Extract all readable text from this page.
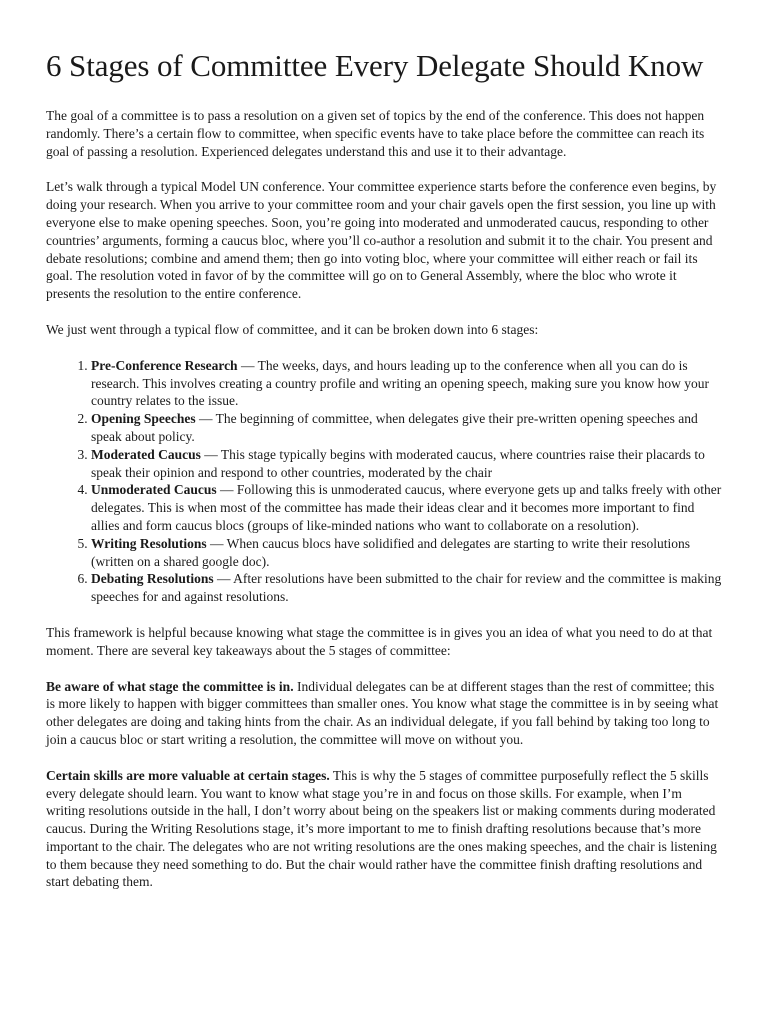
6 Stages of Committee Every Delegate Should Know

The goal of a committee is to pass a resolution on a given set of topics by the end of the conference. This does not happen randomly. There’s a certain flow to committee, when specific events have to take place before the committee can reach its goal of passing a resolution. Experienced delegates understand this and use it to their advantage.

Let’s walk through a typical Model UN conference. Your committee experience starts before the conference even begins, by doing your research. When you arrive to your committee room and your chair gavels open the first session, you line up with everyone else to make opening speeches. Soon, you’re going into moderated and unmoderated caucus, responding to other countries’ arguments, forming a caucus bloc, where you’ll co-author a resolution and submit it to the chair. You present and debate resolutions; combine and amend them; then go into voting bloc, where your committee will either reach or fail its goal. The resolution voted in favor of by the committee will go on to General Assembly, where the bloc who wrote it presents the resolution to the entire conference.

We just went through a typical flow of committee, and it can be broken down into 6 stages:

1. Pre-Conference Research — The weeks, days, and hours leading up to the conference when all you can do is research. This involves creating a country profile and writing an opening speech, making sure you know how your country relates to the issue.
2. Opening Speeches — The beginning of committee, when delegates give their pre-written opening speeches and speak about policy.
3. Moderated Caucus — This stage typically begins with moderated caucus, where countries raise their placards to speak their opinion and respond to other countries, moderated by the chair
4. Unmoderated Caucus — Following this is unmoderated caucus, where everyone gets up and talks freely with other delegates. This is when most of the committee has made their ideas clear and it becomes more important to find allies and form caucus blocs (groups of like-minded nations who want to collaborate on a resolution).
5. Writing Resolutions — When caucus blocs have solidified and delegates are starting to write their resolutions (written on a shared google doc).
6. Debating Resolutions — After resolutions have been submitted to the chair for review and the committee is making speeches for and against resolutions.

This framework is helpful because knowing what stage the committee is in gives you an idea of what you need to do at that moment. There are several key takeaways about the 5 stages of committee:

Be aware of what stage the committee is in. Individual delegates can be at different stages than the rest of committee; this is more likely to happen with bigger committees than smaller ones. You know what stage the committee is in by seeing what other delegates are doing and taking hints from the chair. As an individual delegate, if you fall behind by taking too long to join a caucus bloc or start writing a resolution, the committee will move on without you.

Certain skills are more valuable at certain stages. This is why the 5 stages of committee purposefully reflect the 5 skills every delegate should learn. You want to know what stage you’re in and focus on those skills. For example, when I’m writing resolutions outside in the hall, I don’t worry about being on the speakers list or making comments during moderated caucus. During the Writing Resolutions stage, it’s more important to me to finish drafting resolutions because that’s more important to the chair. The delegates who are not writing resolutions are the ones making speeches, and the chair is listening to them because they need something to do. But the chair would rather have the committee finish drafting resolutions and start debating them.
